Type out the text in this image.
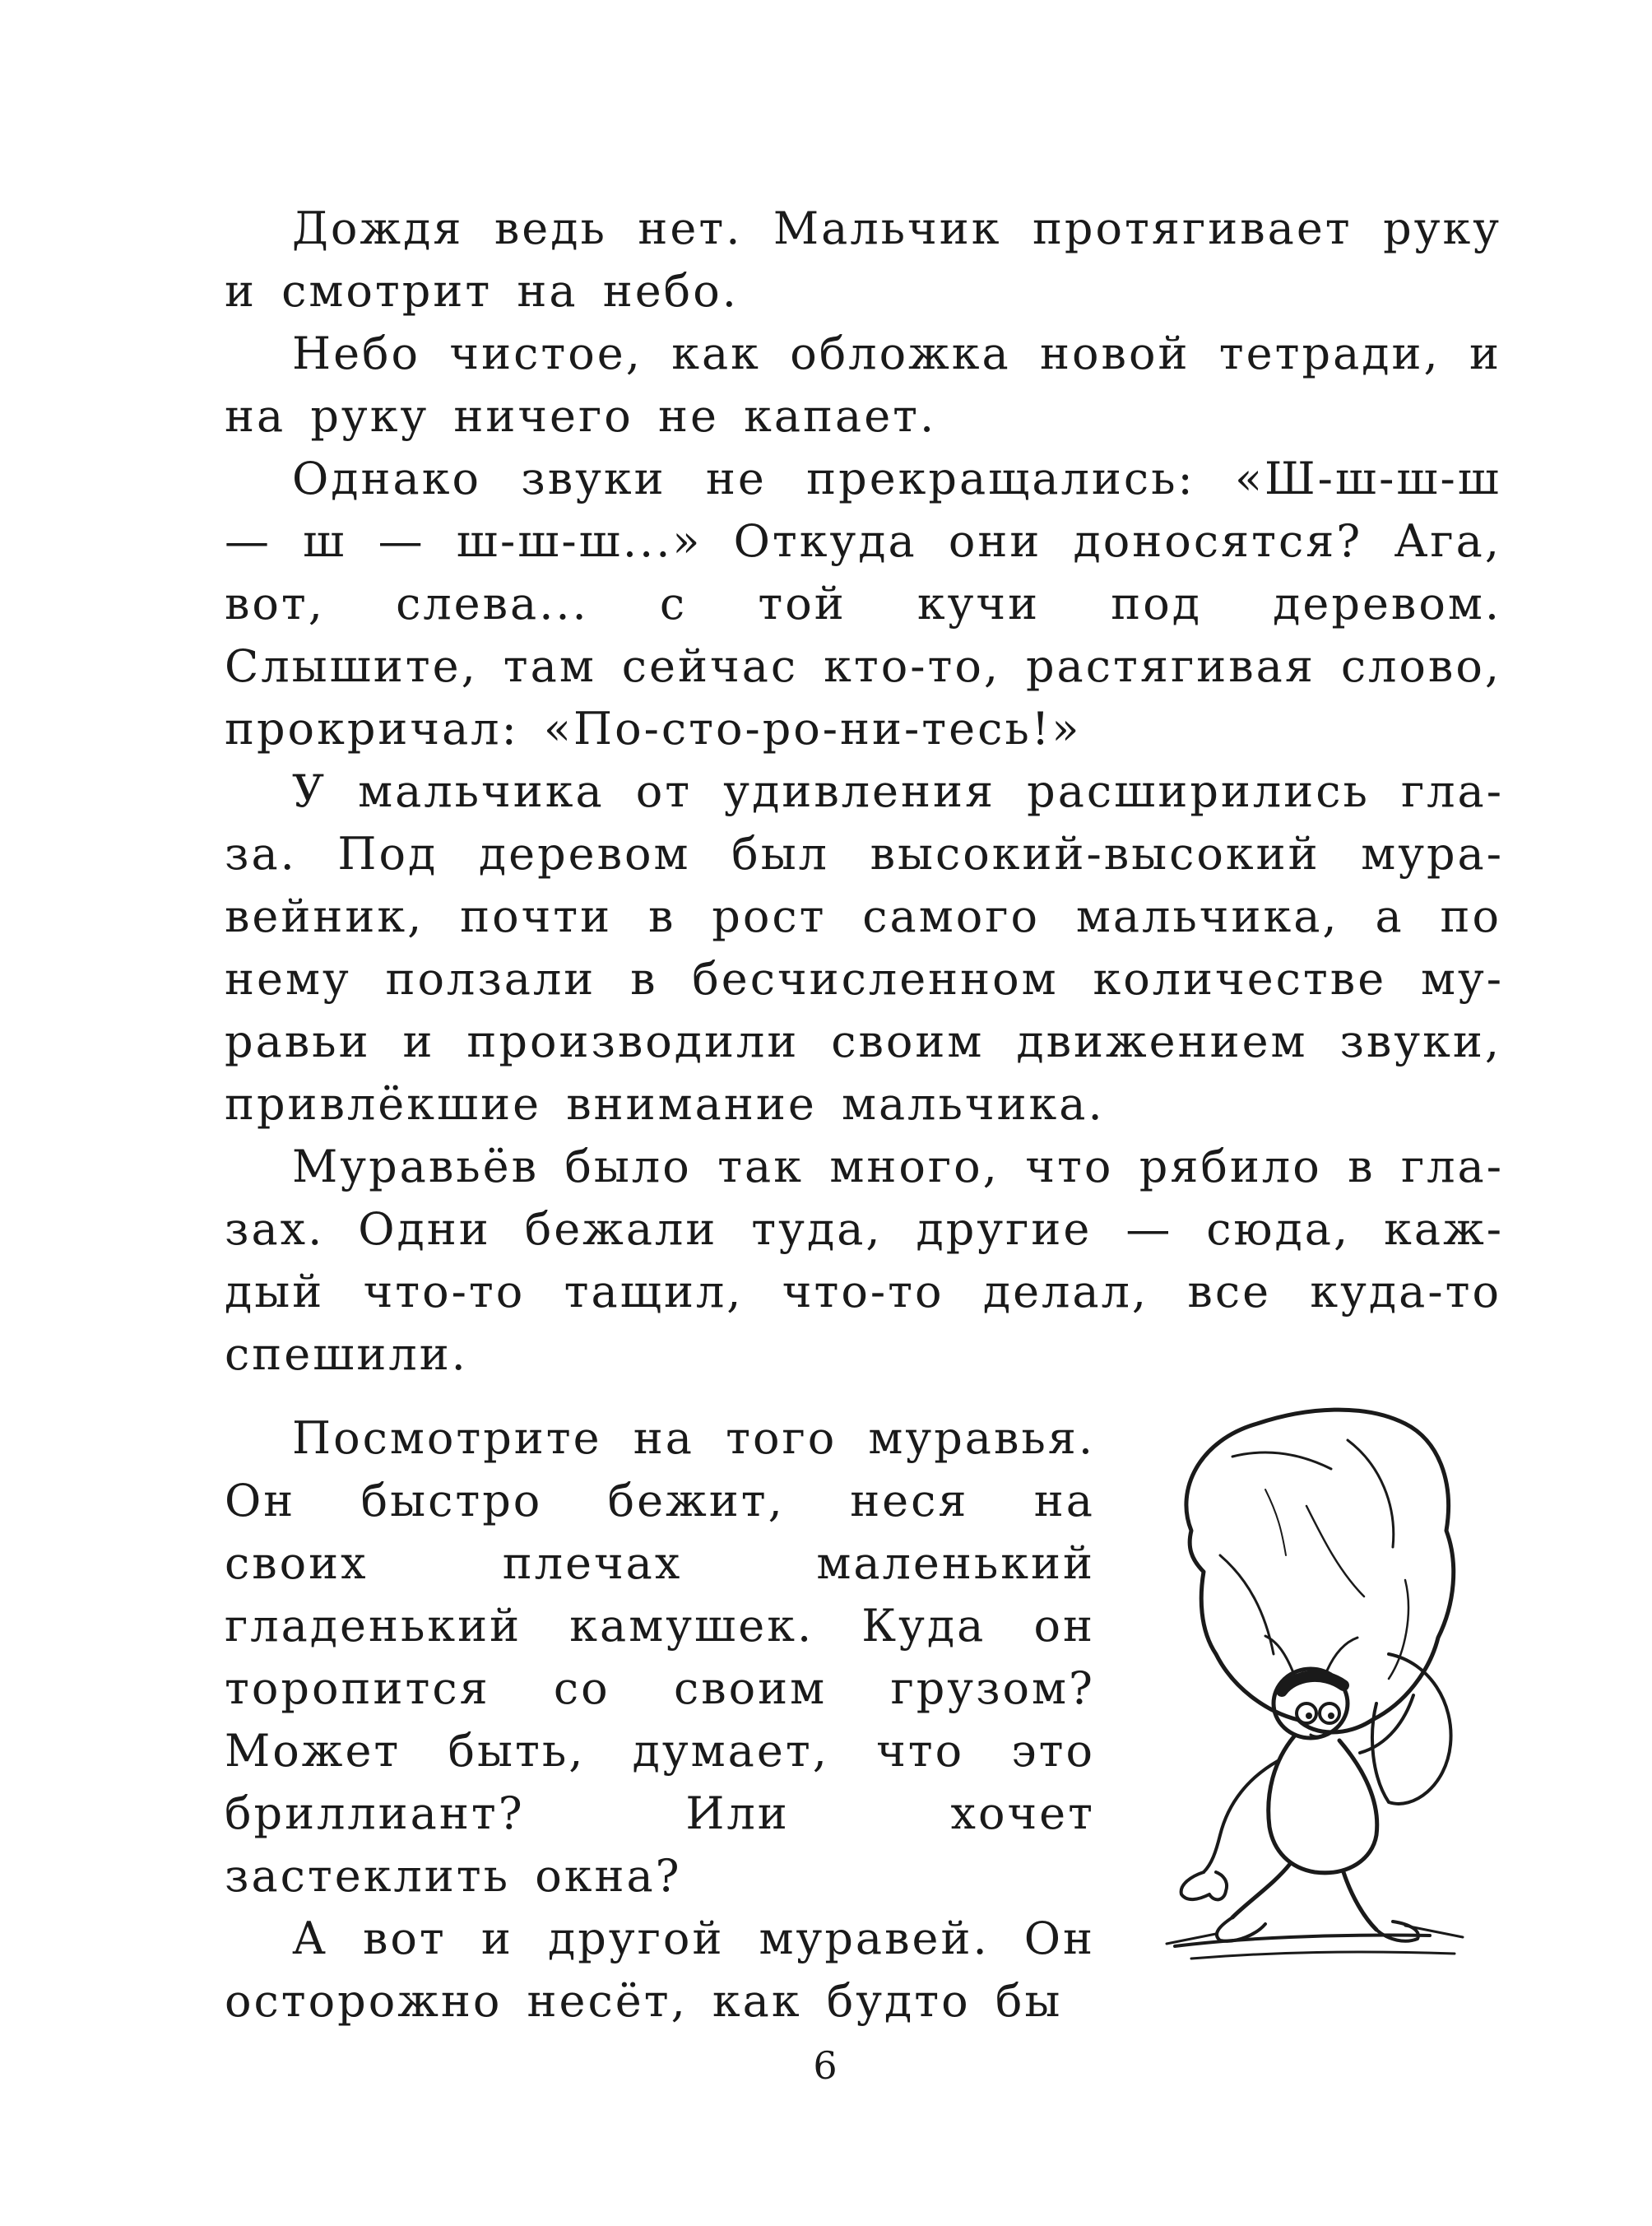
Дождя ведь нет. Мальчик протягивает руку и смотрит на небо.

Небо чистое, как обложка новой тетради, и на руку ничего не капает.

Однако звуки не прекращались: «Ш-ш-ш-ш — ш — ш-ш-ш...» Откуда они доносятся? Ага, вот, слева... с той кучи под деревом. Слышите, там сейчас кто-то, растягивая слово, прокричал: «По-сто-ро-ни-тесь!»

У мальчика от удивления расширились глаза. Под деревом был высокий-высокий муравейник, почти в рост самого мальчика, а по нему ползали в бесчисленном количестве муравьи и производили своим движением звуки, привлёкшие внимание мальчика.

Муравьёв было так много, что рябило в глазах. Одни бежали туда, другие — сюда, каждый что-то тащил, что-то делал, все куда-то спешили.

Посмотрите на того муравья. Он быстро бежит, неся на своих плечах маленький гладенький камушек. Куда он торопится со своим грузом? Может быть, думает, что это бриллиант? Или хочет застеклить окна?

А вот и другой муравей. Он осторожно несёт, как будто бы

6
